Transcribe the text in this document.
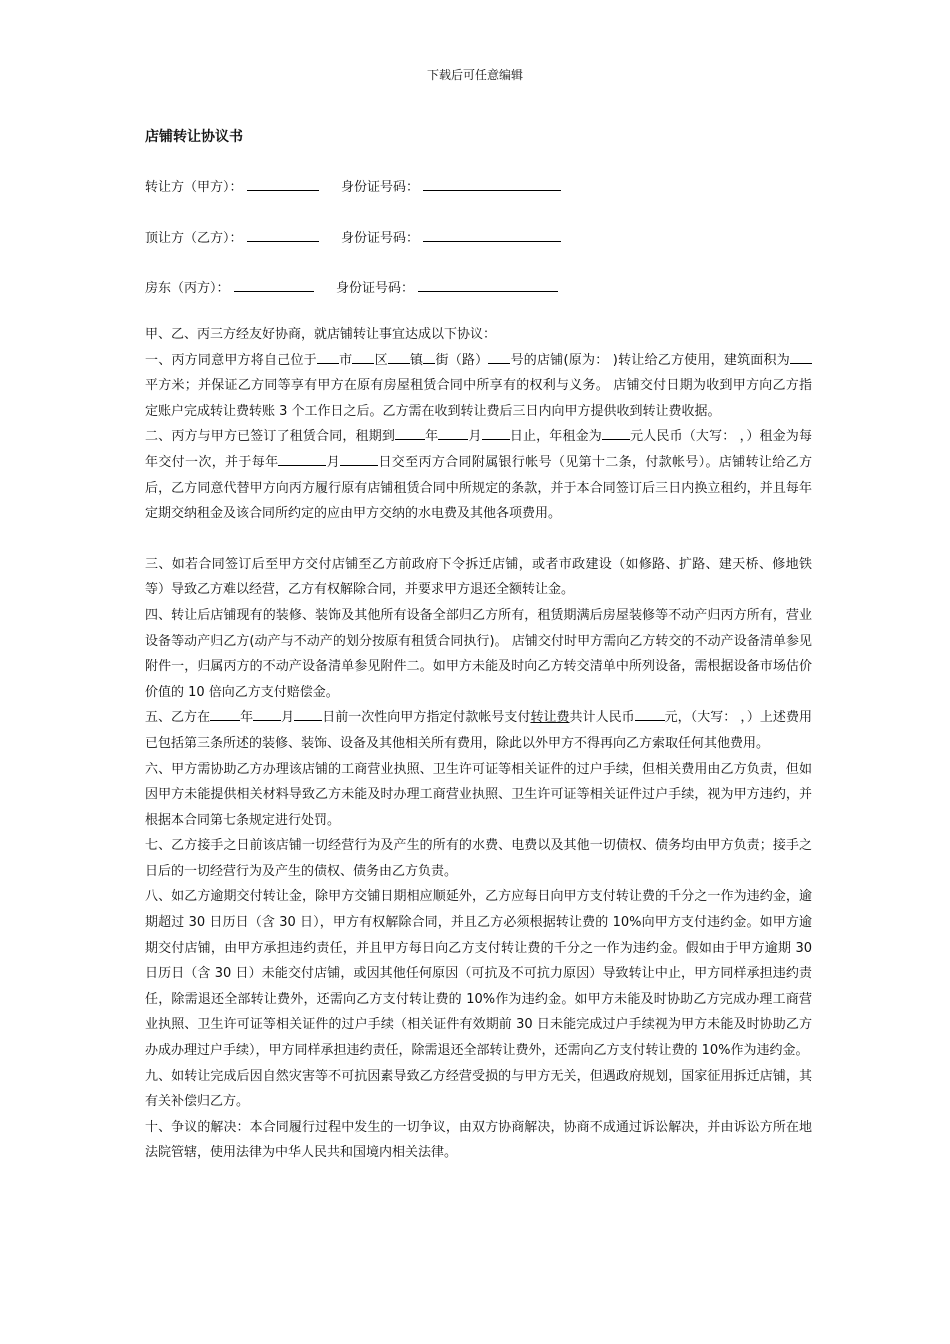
下载后可任意编辑
店铺转让协议书
转让方（甲方）：	身份证号码：
顶让方（乙方）：	身份证号码：
房东（丙方）：	身份证号码：

甲、乙、丙三方经友好协商，就店铺转让事宜达成以下协议：

一、丙方同意甲方将自己位于 市 区 镇 街（路） 号的店铺(原为： )转让给乙方使用，建筑面积为平方米；并保证乙方同等享有甲方在原有房屋租赁合同中所享有的权利与义务。 店铺交付日期为收到甲方向乙方指定账户完成转让费转账 3 个工作日之后。乙方需在收到转让费后三日内向甲方提供收到转让费收据。

二、丙方与甲方已签订了租赁合同，租期到 年 月 日止，年租金为 元人民币（大写： ，）租金为每年交付一次，并于每年	月	日交至丙方合同附属银行帐号（见第十二条，付款帐号）。店铺转让给乙方后，乙方同意代替甲方向丙方履行原有店铺租赁合同中所规定的条款，并于本合同签订后三日内换立租约，并且每年定期交纳租金及该合同所约定的应由甲方交纳的水电费及其他各项费用。

三、如若合同签订后至甲方交付店铺至乙方前政府下令拆迁店铺，或者市政建设（如修路、扩路、建天桥、修地铁等）导致乙方难以经营，乙方有权解除合同，并要求甲方退还全额转让金。

四、转让后店铺现有的装修、装饰及其他所有设备全部归乙方所有，租赁期满后房屋装修等不动产归丙方所有，营业设备等动产归乙方(动产与不动产的划分按原有租赁合同执行)。 店铺交付时甲方需向乙方转交的不动产设备清单参见附件一，归属丙方的不动产设备清单参见附件二。如甲方未能及时向乙方转交清单中所列设备，需根据设备市场估价价值的 10 倍向乙方支付赔偿金。

五、乙方在 年 月 日前一次性向甲方指定付款帐号支付转让费共计人民币 元，（大写： ，）上述费用已包括第三条所述的装修、装饰、设备及其他相关所有费用，除此以外甲方不得再向乙方索取任何其他费用。

六、甲方需协助乙方办理该店铺的工商营业执照、卫生许可证等相关证件的过户手续，但相关费用由乙方负责，但如因甲方未能提供相关材料导致乙方未能及时办理工商营业执照、卫生许可证等相关证件过户手续，视为甲方违约，并根据本合同第七条规定进行处罚。

七、乙方接手之日前该店铺一切经营行为及产生的所有的水费、电费以及其他一切债权、债务均由甲方负责；接手之日后的一切经营行为及产生的债权、债务由乙方负责。

八、如乙方逾期交付转让金，除甲方交铺日期相应顺延外，乙方应每日向甲方支付转让费的千分之一作为违约金，逾期超过 30 日历日（含 30 日），甲方有权解除合同，并且乙方必须根据转让费的 10%向甲方支付违约金。如甲方逾期交付店铺，由甲方承担违约责任，并且甲方每日向乙方支付转让费的千分之一作为违约金。假如由于甲方逾期 30 日历日（含 30 日）未能交付店铺，或因其他任何原因（可抗及不可抗力原因）导致转让中止，甲方同样承担违约责任，除需退还全部转让费外，还需向乙方支付转让费的 10%作为违约金。如甲方未能及时协助乙方完成办理工商营业执照、卫生许可证等相关证件的过户手续（相关证件有效期前 30 日未能完成过户手续视为甲方未能及时协助乙方办成办理过户手续），甲方同样承担违约责任，除需退还全部转让费外，还需向乙方支付转让费的 10%作为违约金。

九、如转让完成后因自然灾害等不可抗因素导致乙方经营受损的与甲方无关，但遇政府规划，国家征用拆迁店铺，其有关补偿归乙方。

十、争议的解决：本合同履行过程中发生的一切争议，由双方协商解决，协商不成通过诉讼解决，并由诉讼方所在地法院管辖，使用法律为中华人民共和国境内相关法律。
